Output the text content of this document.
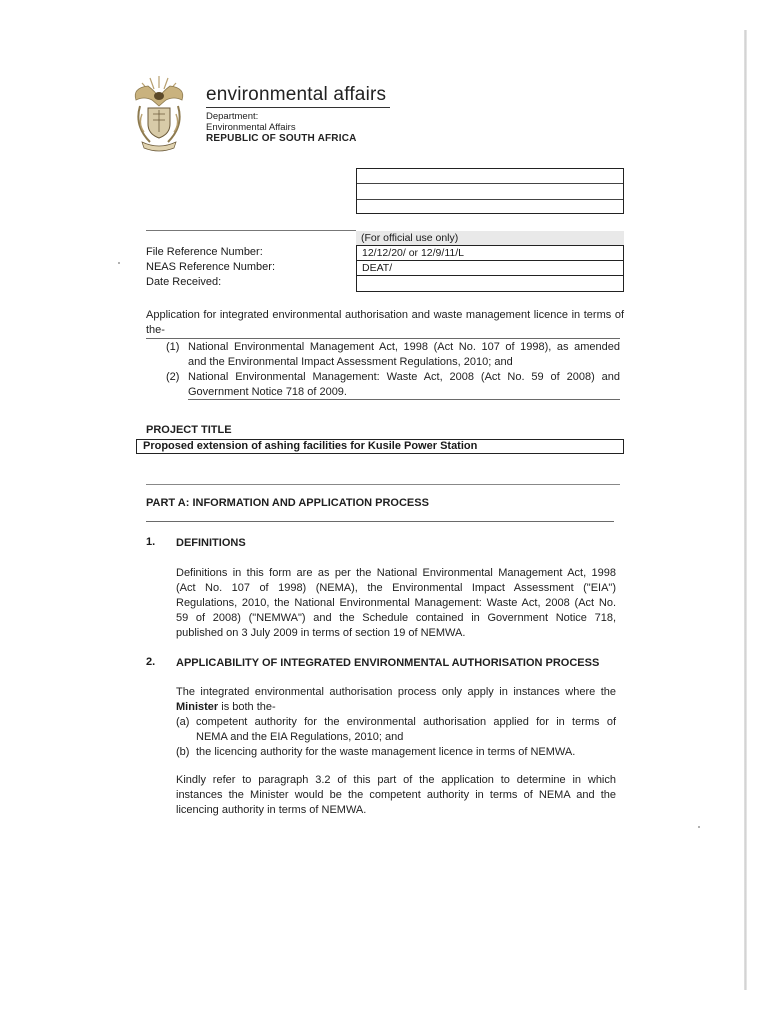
environmental affairs
Department:
Environmental Affairs
REPUBLIC OF SOUTH AFRICA
(For official use only)
File Reference Number:
NEAS Reference Number:
Date Received:
12/12/20/ or 12/9/11/L
DEAT/
Application for integrated environmental authorisation and waste management licence in terms of the-
(1) National Environmental Management Act, 1998 (Act No. 107 of 1998), as amended
and the Environmental Impact Assessment Regulations, 2010; and
(2) National Environmental Management: Waste Act, 2008 (Act No. 59 of 2008) and
Government Notice 718 of 2009.
PROJECT TITLE
Proposed extension of ashing facilities for Kusile Power Station
PART A: INFORMATION AND APPLICATION PROCESS
1. DEFINITIONS
Definitions in this form are as per the National Environmental Management Act, 1998
(Act No. 107 of 1998) (NEMA), the Environmental Impact Assessment ("EIA")
Regulations, 2010, the National Environmental Management: Waste Act, 2008 (Act No.
59 of 2008) ("NEMWA") and the Schedule contained in Government Notice 718,
published on 3 July 2009 in terms of section 19 of NEMWA.
2. APPLICABILITY OF INTEGRATED ENVIRONMENTAL AUTHORISATION PROCESS
The integrated environmental authorisation process only apply in instances where the
Minister is both the-
(a) competent authority for the environmental authorisation applied for in terms of
NEMA and the EIA Regulations, 2010; and
(b) the licencing authority for the waste management licence in terms of NEMWA.
Kindly refer to paragraph 3.2 of this part of the application to determine in which
instances the Minister would be the competent authority in terms of NEMA and the
licencing authority in terms of NEMWA.
